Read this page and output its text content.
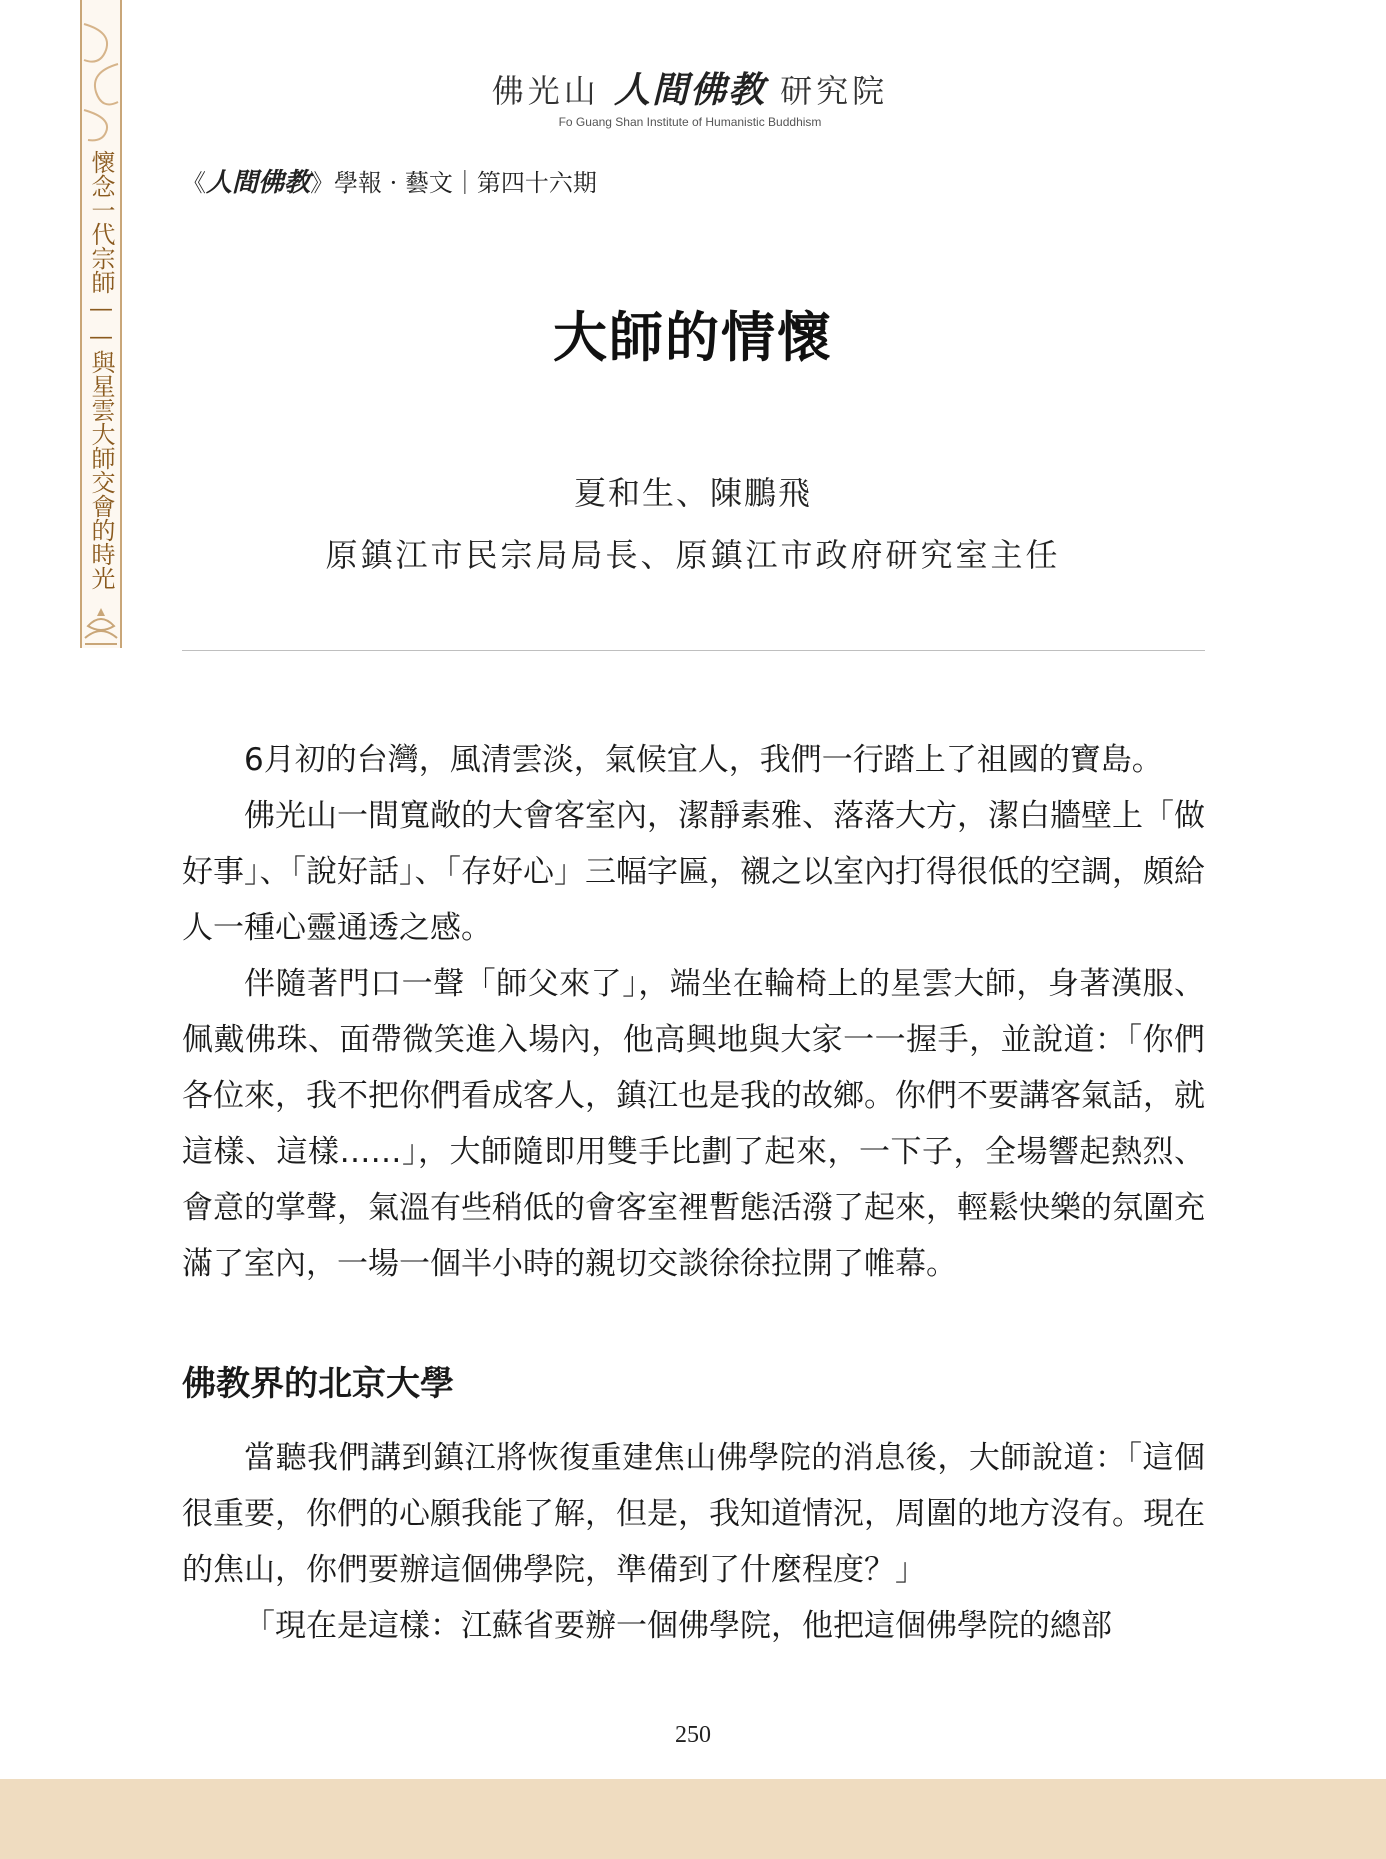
懷念一代宗師——與星雲大師交會的時光
佛光山 人間佛教 研究院
Fo Guang Shan Institute of Humanistic Buddhism
《人間佛教》學報 · 藝文｜第四十六期
大師的情懷
夏和生、陳鵬飛
原鎮江市民宗局局長、原鎮江市政府研究室主任

6月初的台灣，風清雲淡，氣候宜人，我們一行踏上了祖國的寶島。

佛光山一間寬敞的大會客室內，潔靜素雅、落落大方，潔白牆壁上「做好事」、「說好話」、「存好心」三幅字匾，襯之以室內打得很低的空調，頗給人一種心靈通透之感。

伴隨著門口一聲「師父來了」，端坐在輪椅上的星雲大師，身著漢服、佩戴佛珠、面帶微笑進入場內，他高興地與大家一一握手，並說道：「你們各位來，我不把你們看成客人，鎮江也是我的故鄉。你們不要講客氣話，就這樣、這樣……」，大師隨即用雙手比劃了起來，一下子，全場響起熱烈、會意的掌聲，氣溫有些稍低的會客室裡暫態活潑了起來，輕鬆快樂的氛圍充滿了室內，一場一個半小時的親切交談徐徐拉開了帷幕。

佛教界的北京大學

當聽我們講到鎮江將恢復重建焦山佛學院的消息後，大師說道：「這個很重要，你們的心願我能了解，但是，我知道情況，周圍的地方沒有。現在的焦山，你們要辦這個佛學院，準備到了什麼程度？」

「現在是這樣：江蘇省要辦一個佛學院，他把這個佛學院的總部

250
